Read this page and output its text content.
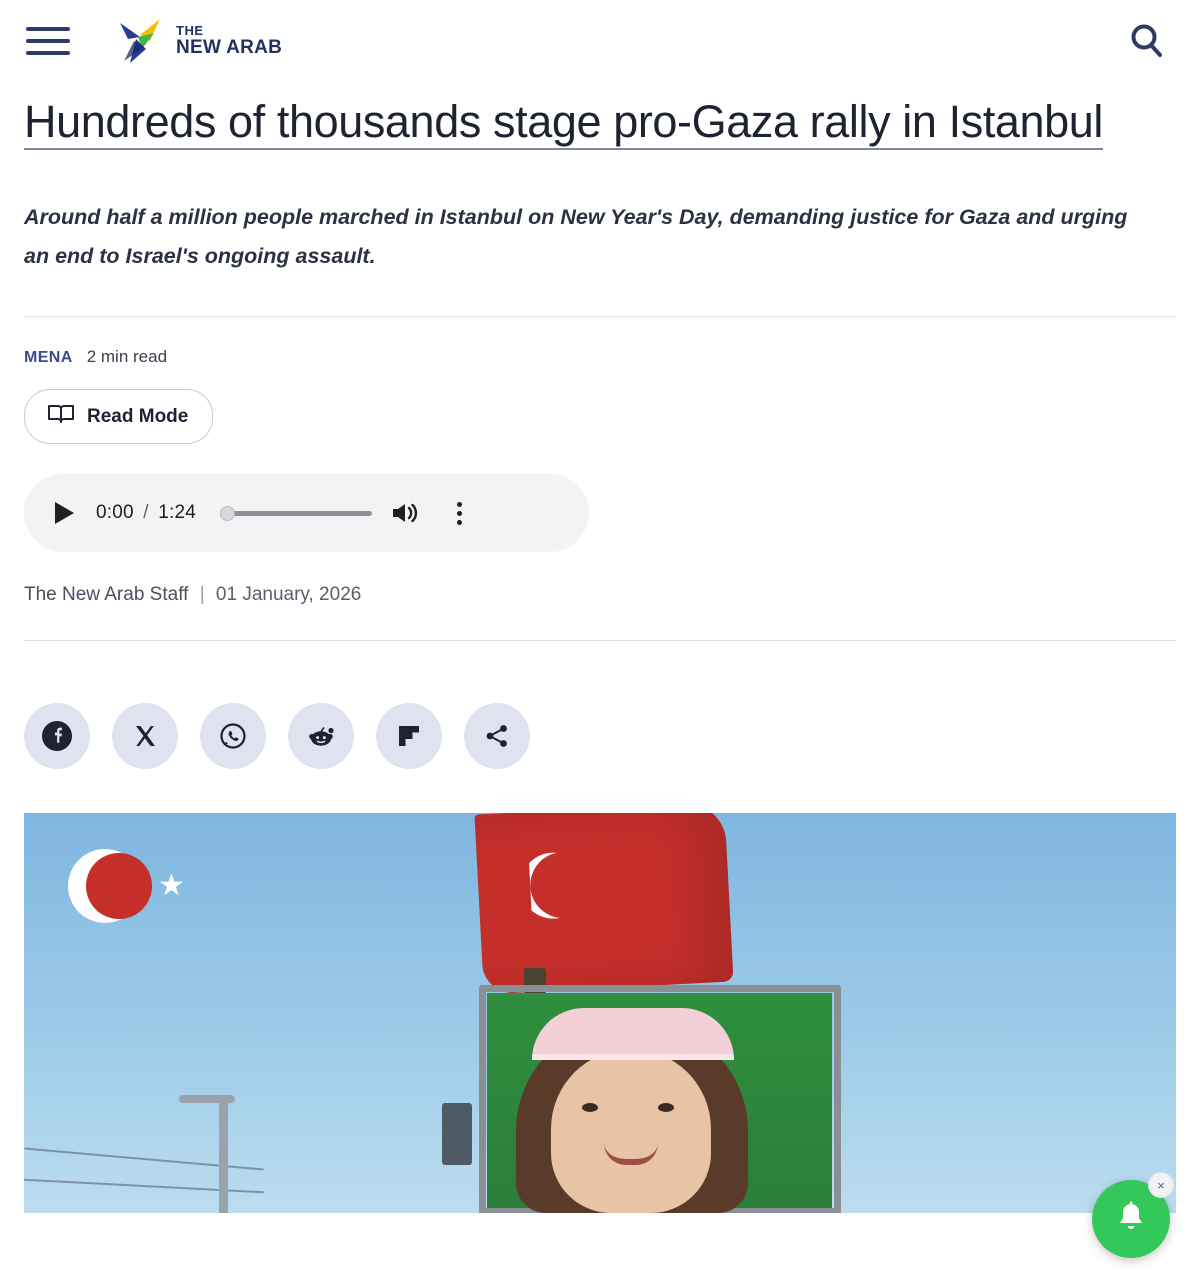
THE
NEW ARAB
Hundreds of thousands stage pro-Gaza rally in Istanbul
Around half a million people marched in Istanbul on New Year's Day, demanding justice for Gaza and urging an end to Israel's ongoing assault.
MENA 2 min read
Read Mode
0:00 / 1:24
The New Arab Staff | 01 January, 2026
★
×
